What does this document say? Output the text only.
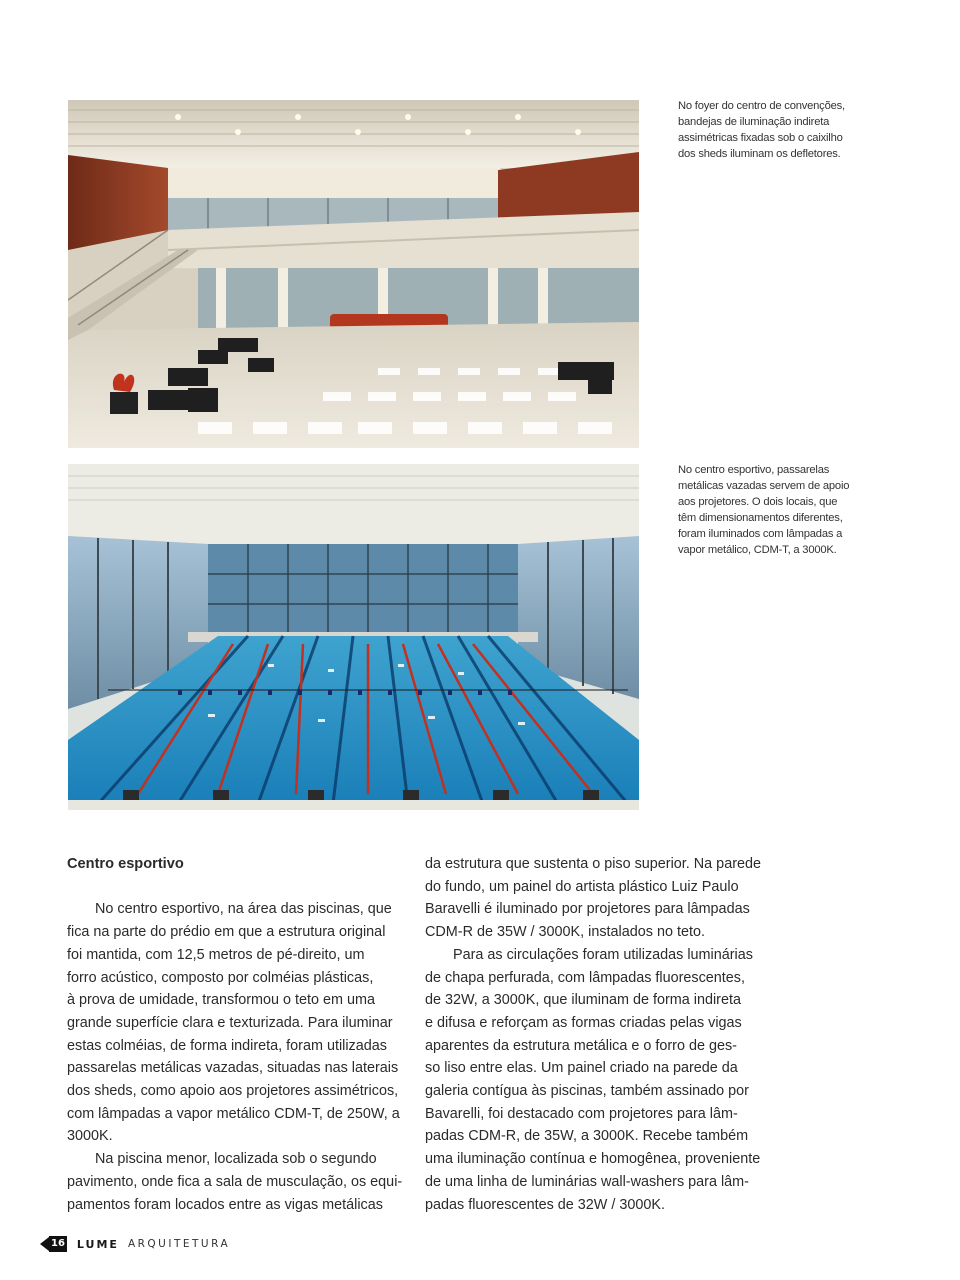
No foyer do centro de convenções,
bandejas de iluminação indireta
assimétricas fixadas sob o caixilho
dos sheds iluminam os defletores.
No centro esportivo, passarelas
metálicas vazadas servem de apoio
aos projetores. O dois locais, que
têm dimensionamentos diferentes,
foram iluminados com lâmpadas a
vapor metálico, CDM-T, a 3000K.
Centro esportivo
No centro esportivo, na área das piscinas, que
fica na parte do prédio em que a estrutura original
foi mantida, com 12,5 metros de pé-direito, um
forro acústico, composto por colméias plásticas,
à prova de umidade, transformou o teto em uma
grande superfície clara e texturizada. Para iluminar
estas colméias, de forma indireta, foram utilizadas
passarelas metálicas vazadas, situadas nas laterais
dos sheds, como apoio aos projetores assimétricos,
com lâmpadas a vapor metálico CDM-T, de 250W, a
3000K.
Na piscina menor, localizada sob o segundo
pavimento, onde fica a sala de musculação, os equi-
pamentos foram locados entre as vigas metálicas
da estrutura que sustenta o piso superior. Na parede
do fundo, um painel do artista plástico Luiz Paulo
Baravelli é iluminado por projetores para lâmpadas
CDM-R de 35W / 3000K, instalados no teto.
Para as circulações foram utilizadas luminárias
de chapa perfurada, com lâmpadas fluorescentes,
de 32W, a 3000K, que iluminam de forma indireta
e difusa e reforçam as formas criadas pelas vigas
aparentes da estrutura metálica e o forro de ges-
so liso entre elas. Um painel criado na parede da
galeria contígua às piscinas, também assinado por
Bavarelli, foi destacado com projetores para lâm-
padas CDM-R, de 35W, a 3000K. Recebe também
uma iluminação contínua e homogênea, proveniente
de uma linha de luminárias wall-washers para lâm-
padas fluorescentes de 32W / 3000K.
16 LUME ARQUITETURA
